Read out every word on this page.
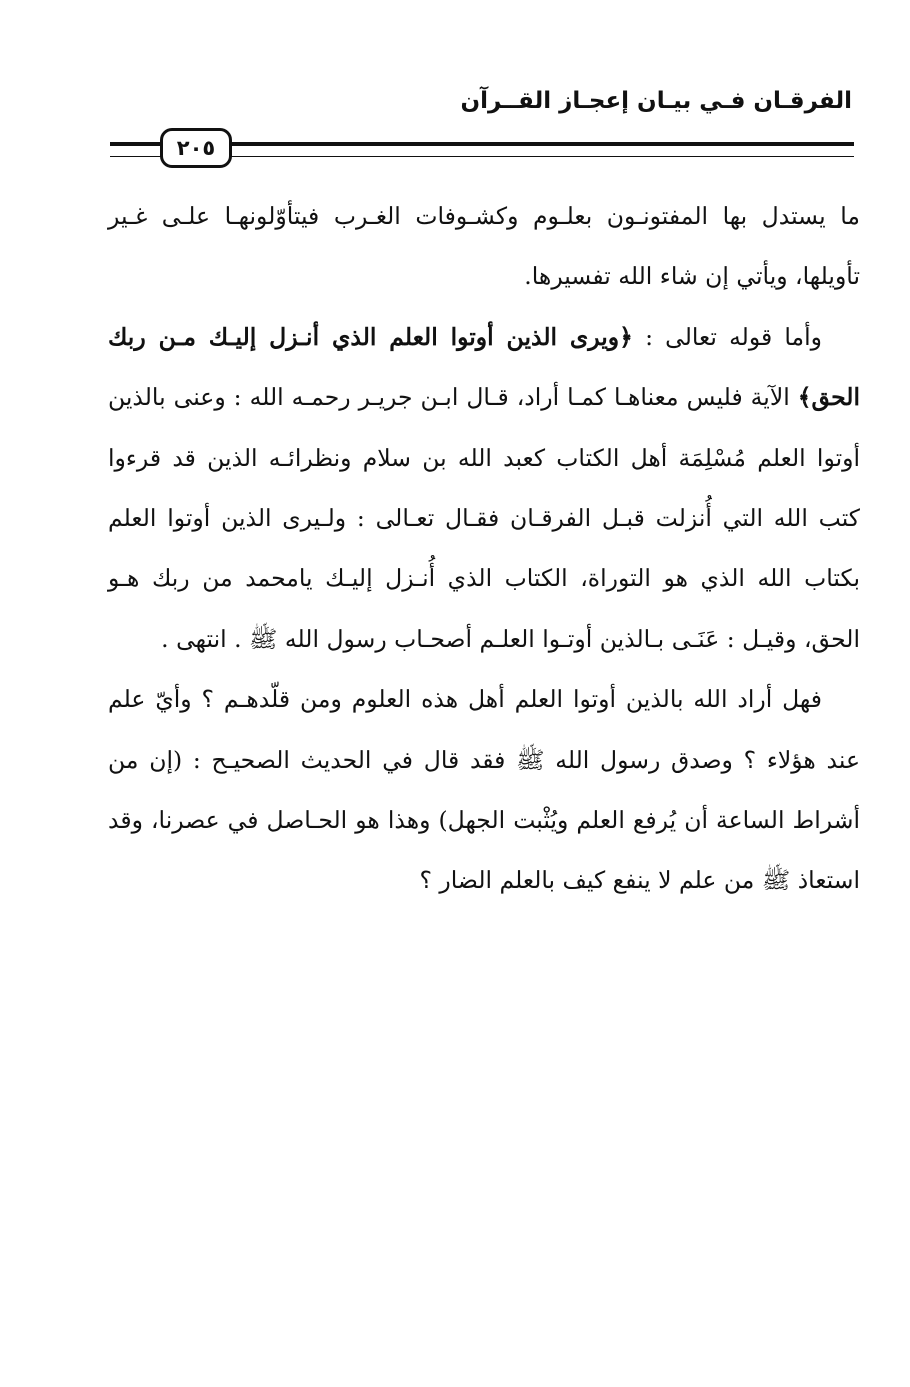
الفرقـان فـي بيـان إعجـاز القــرآن
٢٠٥

ما يستدل بها المفتونـون بعلـوم وكشـوفات الغـرب فيتأوّلونهـا علـى غـير تأويلها، ويأتي إن شاء الله تفسيرها.

وأما قوله تعالى : ﴿ويرى الذين أوتوا العلم الذي أنـزل إليـك مـن ربك الحق﴾ الآية فليس معناهـا كمـا أراد، قـال ابـن جريـر رحمـه الله : وعنى بالذين أوتوا العلم مُسْلِمَة أهل الكتاب كعبد الله بن سلام ونظرائـه الذين قد قرءوا كتب الله التي أُنزلت قبـل الفرقـان فقـال تعـالى : ولـيرى الذين أوتوا العلم بكتاب الله الذي هو التوراة، الكتاب الذي أُنـزل إليـك يامحمد من ربك هـو الحق، وقيـل : عَنَـى بـالذين أوتـوا العلـم أصحـاب رسول الله ﷺ . انتهى .

فهل أراد الله بالذين أوتوا العلم أهل هذه العلوم ومن قلّدهـم ؟ وأيّ علم عند هؤلاء ؟ وصدق رسول الله ﷺ فقد قال في الحديث الصحيـح : (إن من أشراط الساعة أن يُرفع العلم ويُثْبت الجهل) وهذا هو الحـاصل في عصرنا، وقد استعاذ ﷺ من علم لا ينفع كيف بالعلم الضار ؟
